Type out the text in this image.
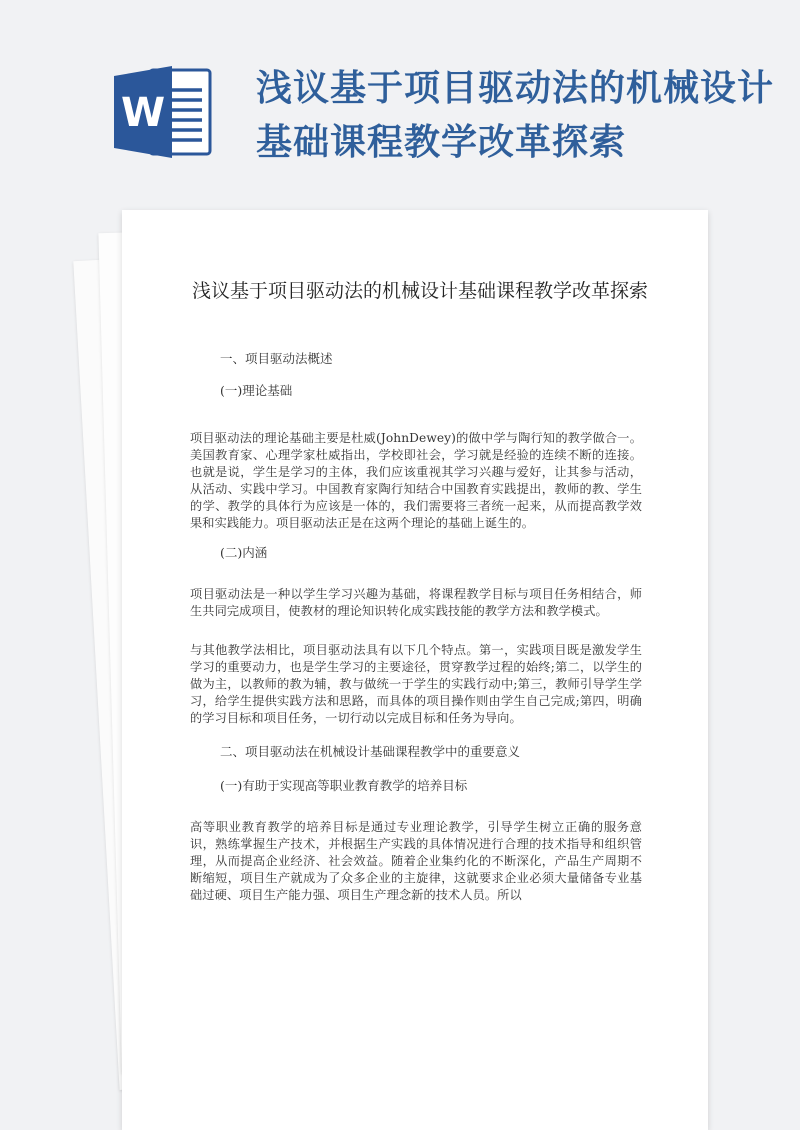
W
浅议基于项目驱动法的机械设计基础课程教学改革探索
浅议基于项目驱动法的机械设计基础课程教学改革探索

一、项目驱动法概述

(一)理论基础

项目驱动法的理论基础主要是杜威(JohnDewey)的做中学与陶行知的教学做合一。美国教育家、心理学家杜威指出，学校即社会，学习就是经验的连续不断的连接。也就是说，学生是学习的主体，我们应该重视其学习兴趣与爱好，让其参与活动，从活动、实践中学习。中国教育家陶行知结合中国教育实践提出，教师的教、学生的学、教学的具体行为应该是一体的，我们需要将三者统一起来，从而提高教学效果和实践能力。项目驱动法正是在这两个理论的基础上诞生的。

(二)内涵

项目驱动法是一种以学生学习兴趣为基础，将课程教学目标与项目任务相结合，师生共同完成项目，使教材的理论知识转化成实践技能的教学方法和教学模式。

与其他教学法相比，项目驱动法具有以下几个特点。第一，实践项目既是激发学生学习的重要动力，也是学生学习的主要途径，贯穿教学过程的始终;第二，以学生的做为主，以教师的教为辅，教与做统一于学生的实践行动中;第三，教师引导学生学习，给学生提供实践方法和思路，而具体的项目操作则由学生自己完成;第四，明确的学习目标和项目任务，一切行动以完成目标和任务为导向。

二、项目驱动法在机械设计基础课程教学中的重要意义

(一)有助于实现高等职业教育教学的培养目标

高等职业教育教学的培养目标是通过专业理论教学，引导学生树立正确的服务意识，熟练掌握生产技术，并根据生产实践的具体情况进行合理的技术指导和组织管理，从而提高企业经济、社会效益。随着企业集约化的不断深化，产品生产周期不断缩短，项目生产就成为了众多企业的主旋律，这就要求企业必须大量储备专业基础过硬、项目生产能力强、项目生产理念新的技术人员。所以
